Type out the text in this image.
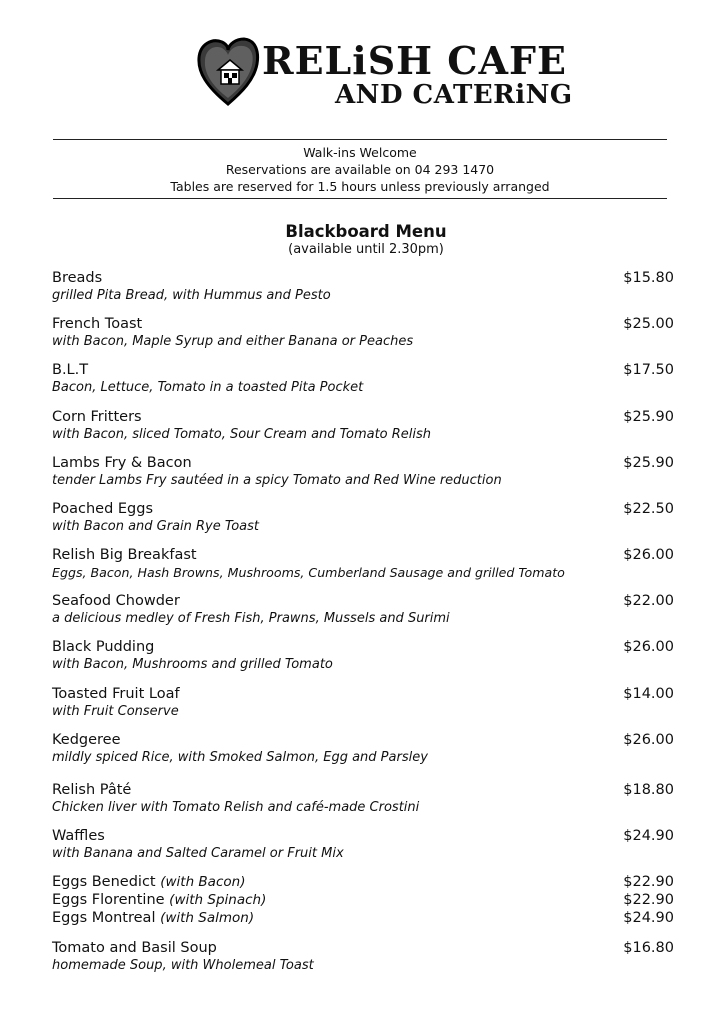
RELiSH CAFE
AND CATERiNG
Walk-ins Welcome
Reservations are available on 04 293 1470
Tables are reserved for 1.5 hours unless previously arranged
Blackboard Menu
(available until 2.30pm)
Breads	$15.80
grilled Pita Bread, with Hummus and Pesto
French Toast	$25.00
with Bacon, Maple Syrup and either Banana or Peaches
B.L.T	$17.50
Bacon, Lettuce, Tomato in a toasted Pita Pocket
Corn Fritters	$25.90
with Bacon, sliced Tomato, Sour Cream and Tomato Relish
Lambs Fry & Bacon	$25.90
tender Lambs Fry sautéed in a spicy Tomato and Red Wine reduction
Poached Eggs	$22.50
with Bacon and Grain Rye Toast
Relish Big Breakfast	$26.00
Eggs, Bacon, Hash Browns, Mushrooms, Cumberland Sausage and grilled Tomato
Seafood Chowder	$22.00
a delicious medley of Fresh Fish, Prawns, Mussels and Surimi
Black Pudding	$26.00
with Bacon, Mushrooms and grilled Tomato
Toasted Fruit Loaf	$14.00
with Fruit Conserve
Kedgeree	$26.00
mildly spiced Rice, with Smoked Salmon, Egg and Parsley
Relish Pâté	$18.80
Chicken liver with Tomato Relish and café-made Crostini
Waffles	$24.90
with Banana and Salted Caramel or Fruit Mix
Eggs Benedict (with Bacon)	$22.90
Eggs Florentine (with Spinach)	$22.90
Eggs Montreal (with Salmon)	$24.90
Tomato and Basil Soup	$16.80
homemade Soup, with Wholemeal Toast
